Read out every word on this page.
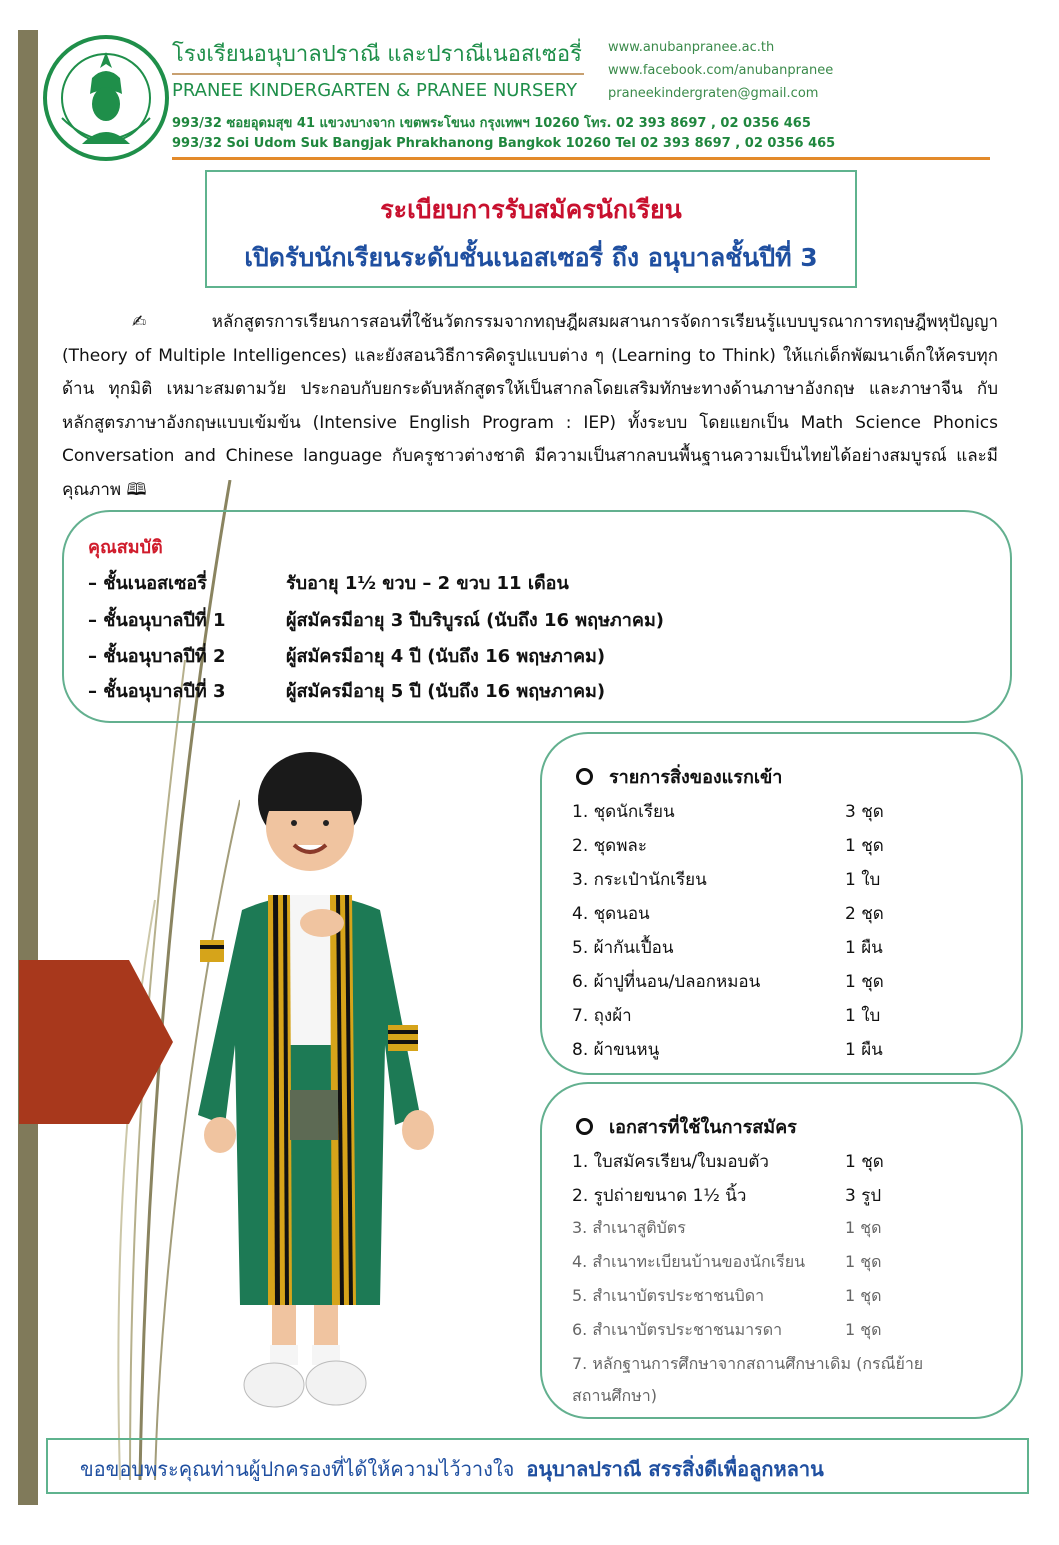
โรงเรียนอนุบาลปราณี และปราณีเนอสเซอรี่
PRANEE KINDERGARTEN & PRANEE NURSERY
www.anubanpranee.ac.th
www.facebook.com/anubanpranee
praneekindergraten@gmail.com
993/32 ซอยอุดมสุข 41 แขวงบางจาก เขตพระโขนง กรุงเทพฯ 10260 โทร. 02 393 8697 , 02 0356 465
993/32 Soi Udom Suk Bangjak Phrakhanong Bangkok 10260 Tel 02 393 8697 , 02 0356 465
ระเบียบการรับสมัครนักเรียน
เปิดรับนักเรียนระดับชั้นเนอสเซอรี่ ถึง อนุบาลชั้นปีที่ 3

✍ หลักสูตรการเรียนการสอนที่ใช้นวัตกรรมจากทฤษฎีผสมผสานการจัดการเรียนรู้แบบบูรณาการทฤษฎีพหุปัญญา (Theory of Multiple Intelligences) และยังสอนวิธีการคิดรูปแบบต่าง ๆ (Learning to Think) ให้แก่เด็กพัฒนาเด็กให้ครบทุกด้าน ทุกมิติ เหมาะสมตามวัย ประกอบกับยกระดับหลักสูตรให้เป็นสากลโดยเสริมทักษะทางด้านภาษาอังกฤษ และภาษาจีน กับหลักสูตรภาษาอังกฤษแบบเข้มข้น (Intensive English Program : IEP) ทั้งระบบ โดยแยกเป็น Math Science Phonics Conversation and Chinese language กับครูชาวต่างชาติ มีความเป็นสากลบนพื้นฐานความเป็นไทยได้อย่างสมบูรณ์ และมีคุณภาพ 🕮

คุณสมบัติ
– ชั้นเนอสเซอรี่	รับอายุ 1½ ขวบ – 2 ขวบ 11 เดือน
– ชั้นอนุบาลปีที่ 1	ผู้สมัครมีอายุ 3 ปีบริบูรณ์ (นับถึง 16 พฤษภาคม)
– ชั้นอนุบาลปีที่ 2	ผู้สมัครมีอายุ 4 ปี (นับถึง 16 พฤษภาคม)
– ชั้นอนุบาลปีที่ 3	ผู้สมัครมีอายุ 5 ปี (นับถึง 16 พฤษภาคม)
รายการสิ่งของแรกเข้า
1. ชุดนักเรียน	3 ชุด
2. ชุดพละ	1 ชุด
3. กระเป๋านักเรียน	1 ใบ
4. ชุดนอน	2 ชุด
5. ผ้ากันเปื้อน	1 ผืน
6. ผ้าปูที่นอน/ปลอกหมอน	1 ชุด
7. ถุงผ้า	1 ใบ
8. ผ้าขนหนู	1 ผืน
เอกสารที่ใช้ในการสมัคร
1. ใบสมัครเรียน/ใบมอบตัว	1 ชุด
2. รูปถ่ายขนาด 1½ นิ้ว	3 รูป
3. สำเนาสูติบัตร	1 ชุด
4. สำเนาทะเบียนบ้านของนักเรียน 1 ชุด
5. สำเนาบัตรประชาชนบิดา	1 ชุด
6. สำเนาบัตรประชาชนมารดา	1 ชุด
7. หลักฐานการศึกษาจากสถานศึกษาเดิม (กรณีย้าย
สถานศึกษา)
ขอขอบพระคุณท่านผู้ปกครองที่ได้ให้ความไว้วางใจ อนุบาลปราณี สรรสิ่งดีเพื่อลูกหลาน
